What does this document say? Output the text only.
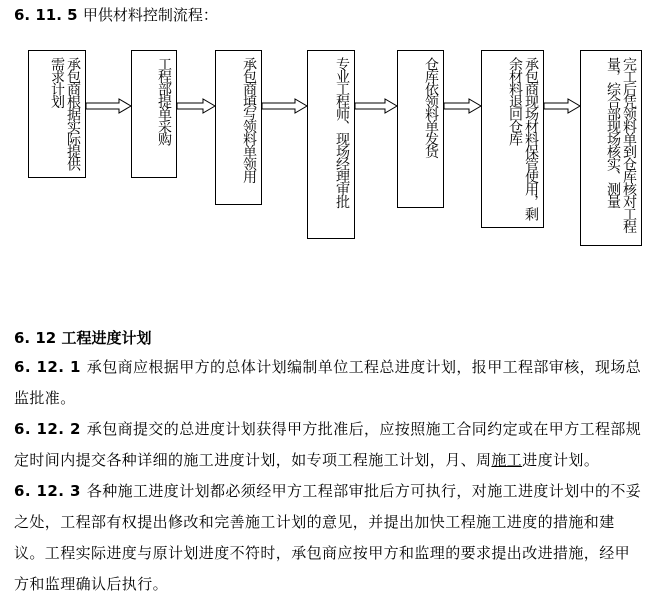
6. 11. 5 甲供材料控制流程：
承包商根据实际提供需求计划	工程部提单采购	承包商填写领料单领用	专业工程师、现场经理审批	仓库依领料单发货	承包商现场材料保管使用，剩余材料退回仓库	完工后凭领料单到仓库核对工程量，综合部现场核实、测量
6. 12 工程进度计划
6. 12. 1 承包商应根据甲方的总体计划编制单位工程总进度计划，报甲工程部审核，现场总监批准。
6. 12. 2 承包商提交的总进度计划获得甲方批准后，应按照施工合同约定或在甲方工程部规定时间内提交各种详细的施工进度计划，如专项工程施工计划，月、周施工进度计划。
6. 12. 3 各种施工进度计划都必须经甲方工程部审批后方可执行，对施工进度计划中的不妥之处，工程部有权提出修改和完善施工计划的意见，并提出加快工程施工进度的措施和建议。工程实际进度与原计划进度不符时，承包商应按甲方和监理的要求提出改进措施，经甲方和监理确认后执行。
